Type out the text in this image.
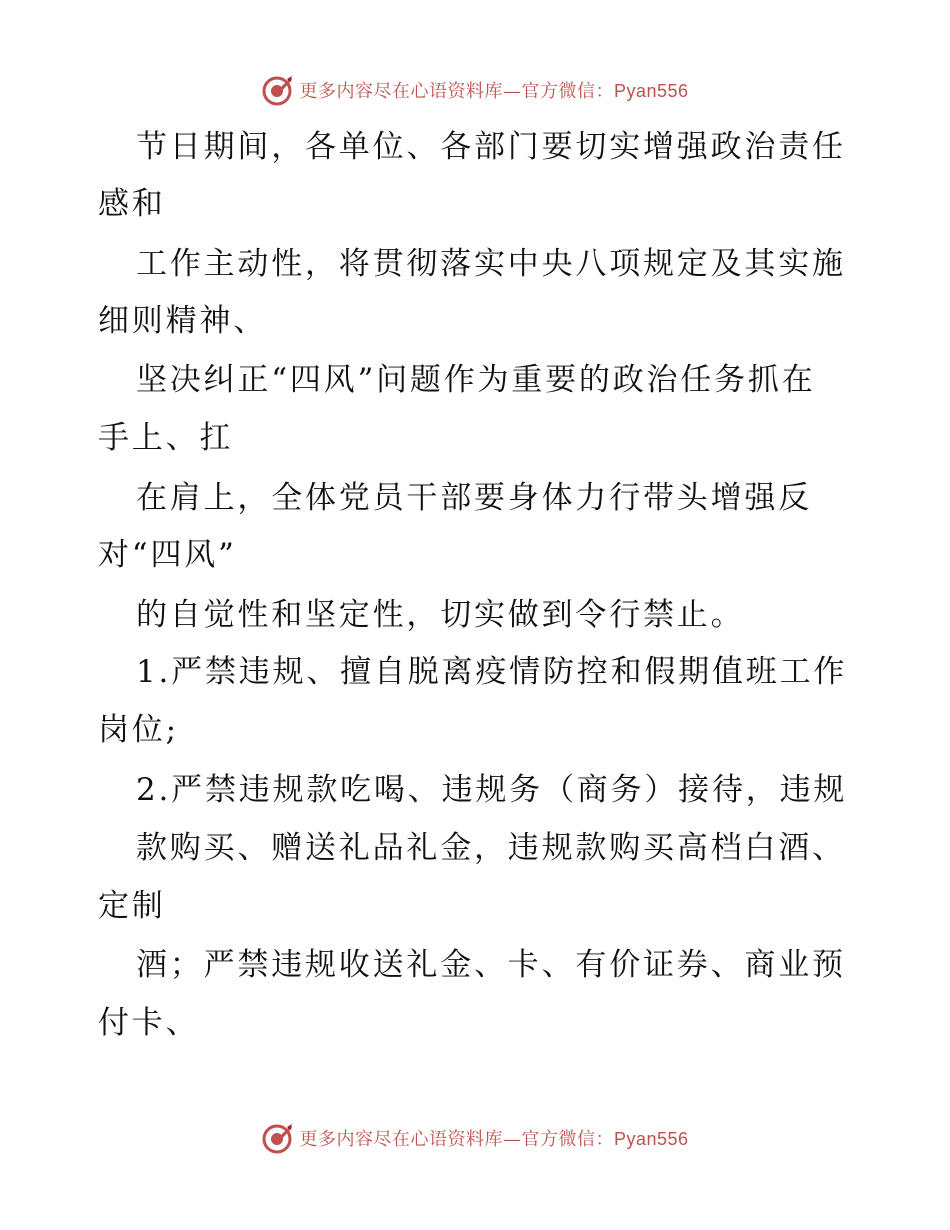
更多内容尽在心语资料库—官方微信：Pyan556
节日期间，各单位、各部门要切实增强政治责任
感和
工作主动性，将贯彻落实中央八项规定及其实施
细则精神、
坚决纠正“四风”问题作为重要的政治任务抓在
手上、扛
在肩上，全体党员干部要身体力行带头增强反
对“四风”
的自觉性和坚定性，切实做到令行禁止。
1.严禁违规、擅自脱离疫情防控和假期值班工作
岗位;
2.严禁违规款吃喝、违规务（商务）接待，违规
款购买、赠送礼品礼金，违规款购买高档白酒、
定制
酒；严禁违规收送礼金、卡、有价证券、商业预
付卡、
更多内容尽在心语资料库—官方微信：Pyan556
